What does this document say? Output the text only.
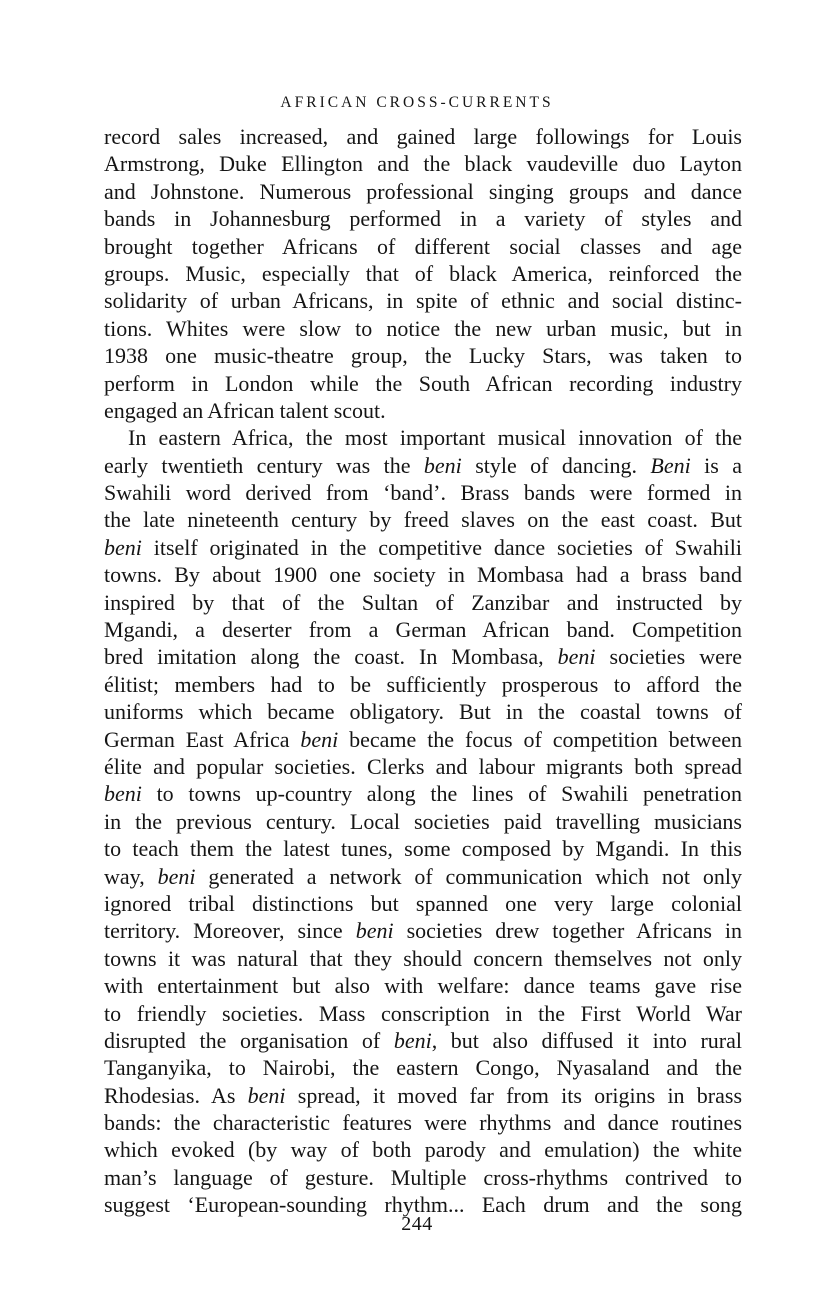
AFRICAN CROSS-CURRENTS
record sales increased, and gained large followings for Louis
Armstrong, Duke Ellington and the black vaudeville duo Layton
and Johnstone. Numerous professional singing groups and dance
bands in Johannesburg performed in a variety of styles and
brought together Africans of different social classes and age
groups. Music, especially that of black America, reinforced the
solidarity of urban Africans, in spite of ethnic and social distinc-
tions. Whites were slow to notice the new urban music, but in
1938 one music-theatre group, the Lucky Stars, was taken to
perform in London while the South African recording industry
engaged an African talent scout.
In eastern Africa, the most important musical innovation of the
early twentieth century was the beni style of dancing. Beni is a
Swahili word derived from ‘band’. Brass bands were formed in
the late nineteenth century by freed slaves on the east coast. But
beni itself originated in the competitive dance societies of Swahili
towns. By about 1900 one society in Mombasa had a brass band
inspired by that of the Sultan of Zanzibar and instructed by
Mgandi, a deserter from a German African band. Competition
bred imitation along the coast. In Mombasa, beni societies were
élitist; members had to be sufficiently prosperous to afford the
uniforms which became obligatory. But in the coastal towns of
German East Africa beni became the focus of competition between
élite and popular societies. Clerks and labour migrants both spread
beni to towns up-country along the lines of Swahili penetration
in the previous century. Local societies paid travelling musicians
to teach them the latest tunes, some composed by Mgandi. In this
way, beni generated a network of communication which not only
ignored tribal distinctions but spanned one very large colonial
territory. Moreover, since beni societies drew together Africans in
towns it was natural that they should concern themselves not only
with entertainment but also with welfare: dance teams gave rise
to friendly societies. Mass conscription in the First World War
disrupted the organisation of beni, but also diffused it into rural
Tanganyika, to Nairobi, the eastern Congo, Nyasaland and the
Rhodesias. As beni spread, it moved far from its origins in brass
bands: the characteristic features were rhythms and dance routines
which evoked (by way of both parody and emulation) the white
man’s language of gesture. Multiple cross-rhythms contrived to
suggest ‘European-sounding rhythm... Each drum and the song
244
